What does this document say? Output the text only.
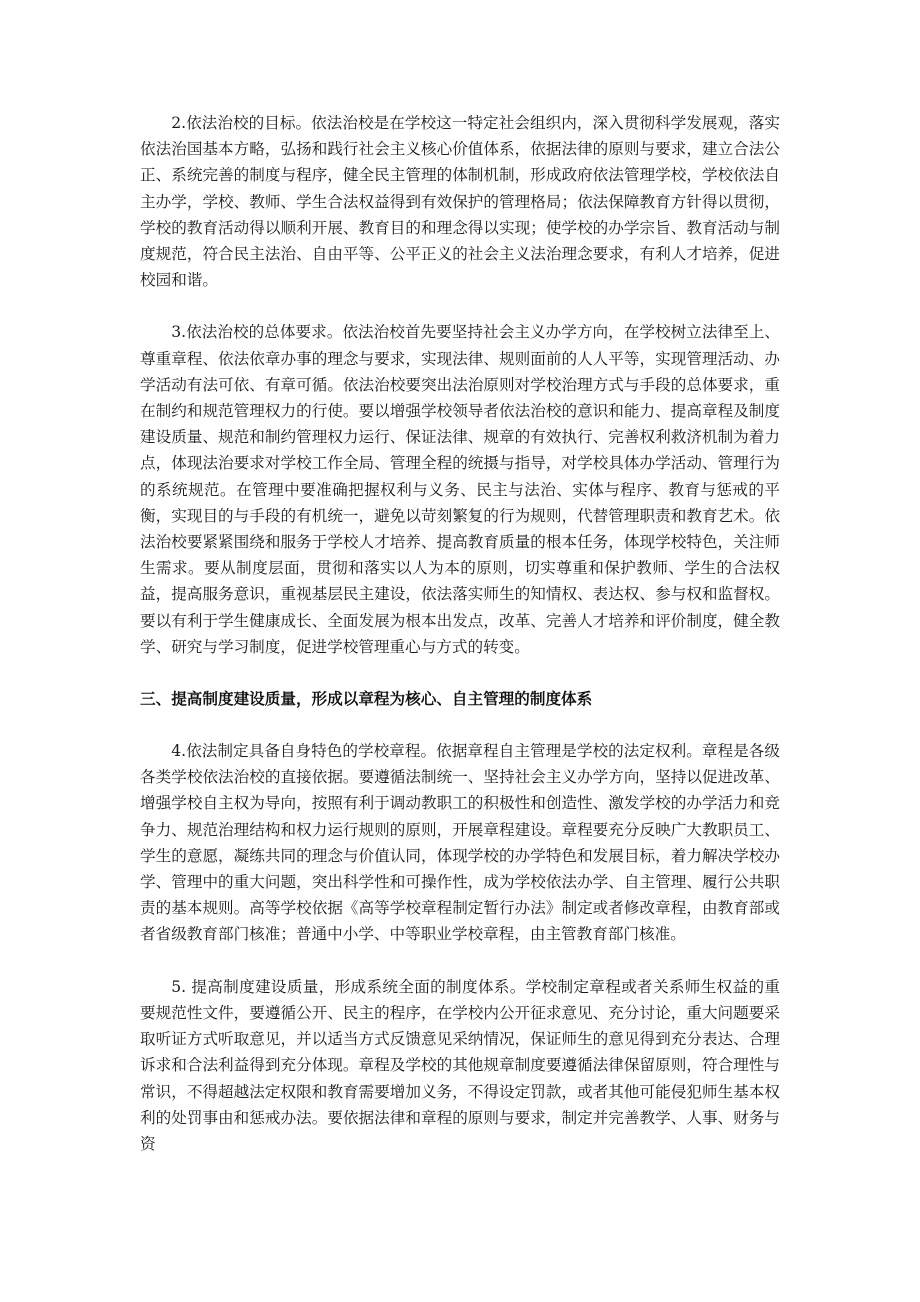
2.依法治校的目标。依法治校是在学校这一特定社会组织内，深入贯彻科学发展观，落实依法治国基本方略，弘扬和践行社会主义核心价值体系，依据法律的原则与要求，建立合法公正、系统完善的制度与程序，健全民主管理的体制机制，形成政府依法管理学校，学校依法自主办学，学校、教师、学生合法权益得到有效保护的管理格局；依法保障教育方针得以贯彻，学校的教育活动得以顺利开展、教育目的和理念得以实现；使学校的办学宗旨、教育活动与制度规范，符合民主法治、自由平等、公平正义的社会主义法治理念要求，有利人才培养，促进校园和谐。

3.依法治校的总体要求。依法治校首先要坚持社会主义办学方向，在学校树立法律至上、尊重章程、依法依章办事的理念与要求，实现法律、规则面前的人人平等，实现管理活动、办学活动有法可依、有章可循。依法治校要突出法治原则对学校治理方式与手段的总体要求，重在制约和规范管理权力的行使。要以增强学校领导者依法治校的意识和能力、提高章程及制度建设质量、规范和制约管理权力运行、保证法律、规章的有效执行、完善权利救济机制为着力点，体现法治要求对学校工作全局、管理全程的统摄与指导，对学校具体办学活动、管理行为的系统规范。在管理中要准确把握权利与义务、民主与法治、实体与程序、教育与惩戒的平衡，实现目的与手段的有机统一，避免以苛刻繁复的行为规则，代替管理职责和教育艺术。依法治校要紧紧围绕和服务于学校人才培养、提高教育质量的根本任务，体现学校特色，关注师生需求。要从制度层面，贯彻和落实以人为本的原则，切实尊重和保护教师、学生的合法权益，提高服务意识，重视基层民主建设，依法落实师生的知情权、表达权、参与权和监督权。要以有利于学生健康成长、全面发展为根本出发点，改革、完善人才培养和评价制度，健全教学、研究与学习制度，促进学校管理重心与方式的转变。

三、提高制度建设质量，形成以章程为核心、自主管理的制度体系

4.依法制定具备自身特色的学校章程。依据章程自主管理是学校的法定权利。章程是各级各类学校依法治校的直接依据。要遵循法制统一、坚持社会主义办学方向，坚持以促进改革、增强学校自主权为导向，按照有利于调动教职工的积极性和创造性、激发学校的办学活力和竞争力、规范治理结构和权力运行规则的原则，开展章程建设。章程要充分反映广大教职员工、学生的意愿，凝练共同的理念与价值认同，体现学校的办学特色和发展目标，着力解决学校办学、管理中的重大问题，突出科学性和可操作性，成为学校依法办学、自主管理、履行公共职责的基本规则。高等学校依据《高等学校章程制定暂行办法》制定或者修改章程，由教育部或者省级教育部门核准；普通中小学、中等职业学校章程，由主管教育部门核准。

5. 提高制度建设质量，形成系统全面的制度体系。学校制定章程或者关系师生权益的重要规范性文件，要遵循公开、民主的程序，在学校内公开征求意见、充分讨论，重大问题要采取听证方式听取意见，并以适当方式反馈意见采纳情况，保证师生的意见得到充分表达、合理诉求和合法利益得到充分体现。章程及学校的其他规章制度要遵循法律保留原则，符合理性与常识，不得超越法定权限和教育需要增加义务，不得设定罚款，或者其他可能侵犯师生基本权利的处罚事由和惩戒办法。要依据法律和章程的原则与要求，制定并完善教学、人事、财务与资
